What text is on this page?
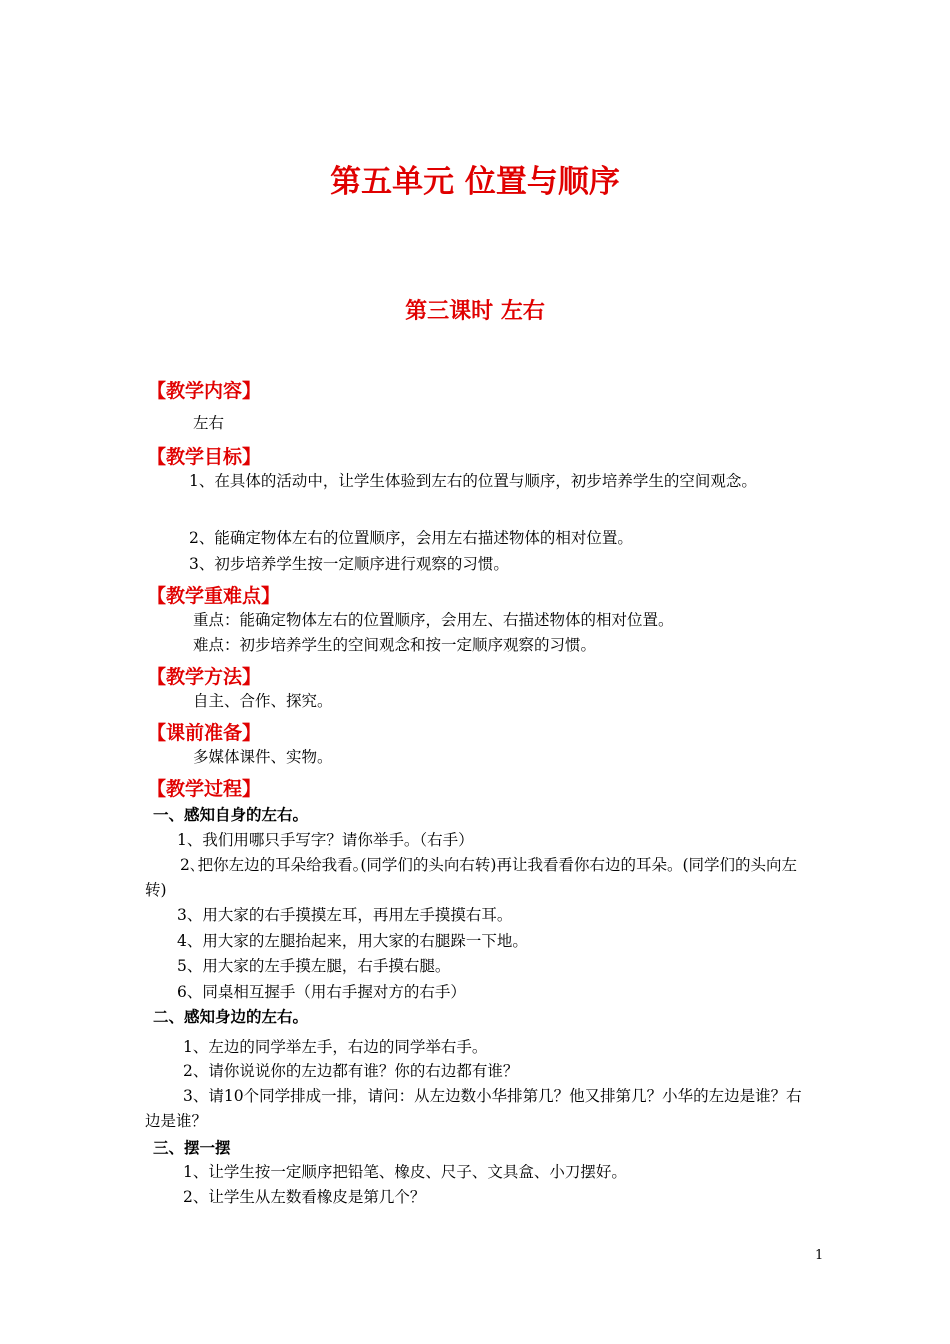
第五单元 位置与顺序
第三课时 左右
【教学内容】
左右
【教学目标】
1、在具体的活动中，让学生体验到左右的位置与顺序，初步培养学生的空间观念。
2、能确定物体左右的位置顺序，会用左右描述物体的相对位置。
3、初步培养学生按一定顺序进行观察的习惯。
【教学重难点】
重点：能确定物体左右的位置顺序，会用左、右描述物体的相对位置。
难点：初步培养学生的空间观念和按一定顺序观察的习惯。
【教学方法】
自主、合作、探究。
【课前准备】
多媒体课件、实物。
【教学过程】
一、感知自身的左右。
1、我们用哪只手写字？请你举手。（右手）
2､把你左边的耳朵给我看｡(同学们的头向右转)再让我看看你右边的耳朵。(同学们的头向左转)
3、用大家的右手摸摸左耳，再用左手摸摸右耳。
4、用大家的左腿抬起来，用大家的右腿跺一下地。
5、用大家的左手摸左腿，右手摸右腿。
6、同桌相互握手（用右手握对方的右手）
二、感知身边的左右。
1、左边的同学举左手，右边的同学举右手。
2、请你说说你的左边都有谁？你的右边都有谁？
3、请10个同学排成一排，请问：从左边数小华排第几？他又排第几？小华的左边是谁？右边是谁？
三、摆一摆
1、让学生按一定顺序把铅笔、橡皮、尺子、文具盒、小刀摆好。
2、让学生从左数看橡皮是第几个？
1
